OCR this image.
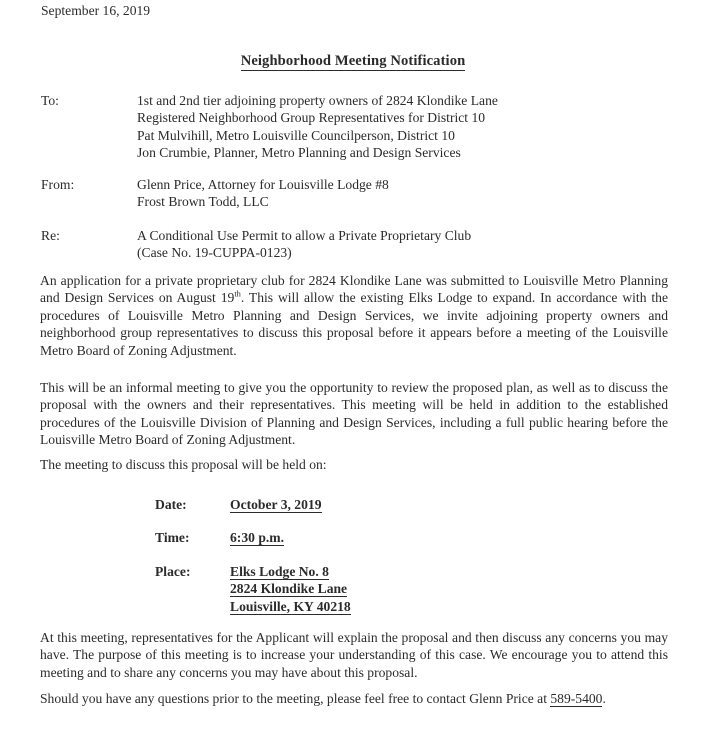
September 16, 2019
Neighborhood Meeting Notification
To:	1st and 2nd tier adjoining property owners of 2824 Klondike Lane
Registered Neighborhood Group Representatives for District 10
Pat Mulvihill, Metro Louisville Councilperson, District 10
Jon Crumbie, Planner, Metro Planning and Design Services
From:	Glenn Price, Attorney for Louisville Lodge #8
Frost Brown Todd, LLC
Re:	A Conditional Use Permit to allow a Private Proprietary Club
(Case No. 19-CUPPA-0123)
An application for a private proprietary club for 2824 Klondike Lane was submitted to Louisville Metro Planning and Design Services on August 19th. This will allow the existing Elks Lodge to expand. In accordance with the procedures of Louisville Metro Planning and Design Services, we invite adjoining property owners and neighborhood group representatives to discuss this proposal before it appears before a meeting of the Louisville Metro Board of Zoning Adjustment.
This will be an informal meeting to give you the opportunity to review the proposed plan, as well as to discuss the proposal with the owners and their representatives. This meeting will be held in addition to the established procedures of the Louisville Division of Planning and Design Services, including a full public hearing before the Louisville Metro Board of Zoning Adjustment.
The meeting to discuss this proposal will be held on:
Date:	October 3, 2019
Time:	6:30 p.m.
Place:	Elks Lodge No. 8
2824 Klondike Lane
Louisville, KY 40218
At this meeting, representatives for the Applicant will explain the proposal and then discuss any concerns you may have. The purpose of this meeting is to increase your understanding of this case. We encourage you to attend this meeting and to share any concerns you may have about this proposal.
Should you have any questions prior to the meeting, please feel free to contact Glenn Price at 589-5400.
